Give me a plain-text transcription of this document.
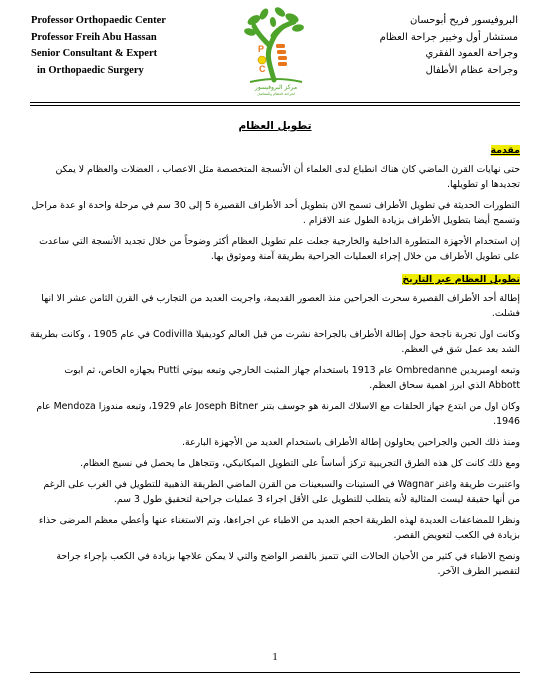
Professor Orthopaedic Center
Professor Freih Abu Hassan
Senior Consultant & Expert
in Orthopaedic Surgery
P
C
مركز البروفيسور
لجراحة العظام والمفاصل
البروفيسور فريح أبوحسان
مستشار أول وخبير جراحة العظام
وجراحة العمود الفقري
وجراحة عظام الأطفال
تطويل العظام
مقدمة

حتى نهايات القرن الماضي كان هناك انطباع لدى العلماء أن الأنسجة المتخصصة مثل الاعصاب ، العضلات والعظام لا يمكن تجديدها او تطويلها.

التطورات الحديثة في تطويل الأطراف تسمح الان بتطويل أحد الأطراف القصيرة 5 إلى 30 سم في مرحلة واحدة او عدة مراحل وتسمح أيضا بتطويل الأطراف بزيادة الطول عند الاقزام .

إن استخدام الأجهزة المتطورة الداخلية والخارجية جعلت علم تطويل العظام أكثر وضوحاً من خلال تجديد الأنسجة التي ساعدت على تطويل الأطراف من خلال إجراء العمليات الجراحية بطريقة آمنة وموثوق بها.

تطويل العظام عبر التاريخ

إطالة أحد الأطراف القصيرة سحرت الجراحين منذ العصور القديمة، واجريت العديد من التجارب في القرن الثامن عشر الا انها فشلت.

وكانت اول تجربة ناجحة حول إطالة الأطراف بالجراحة نشرت من قبل العالم كوديفيلا Codivilla في عام 1905 ، وكانت بطريقة الشد بعد عمل شق في العظم.

وتبعه اومبريدين Ombredanne عام 1913 باستخدام جهاز المثبت الخارجي وتبعه بيوتي Putti بجهازه الخاص، ثم ابوت Abbott الذي ابرز اهمية سحاق العظم.

وكان اول من ابتدع جهاز الحلقات مع الاسلاك المرنة هو جوسف بتنر Joseph Bitner عام 1929، وتبعه مندوزا Mendoza عام 1946.

ومنذ ذلك الحين والجراحين يحاولون إطالة الأطراف باستخدام العديد من الأجهزة البارعة.

ومع ذلك كانت كل هذه الطرق التجريبية تركز أساساً على التطويل الميكانيكي، وتتجاهل ما يحصل في نسيج العظام.

واعتبرت طريقة واغنر Wagnar في الستينات والسبعينات من القرن الماضي الطريقة الذهبية للتطويل في الغرب على الرغم من أنها حقيقة ليست المثالية لأنه يتطلب للتطويل على الأقل اجراء 3 عمليات جراحية لتحقيق طول 3 سم.

ونظرا للمضاعفات العديدة لهذه الطريقة احجم العديد من الاطباء عن اجراءها، وتم الاستغناء عنها وأعطي معظم المرضى حذاء بزيادة في الكعب لتعويض القصر.

ونصح الاطباء في كثير من الأحيان الحالات التي تتميز بالقصر الواضح والتي لا يمكن علاجها بزيادة في الكعب بإجراء جراحة لتقصير الطرف الآخر.

1
